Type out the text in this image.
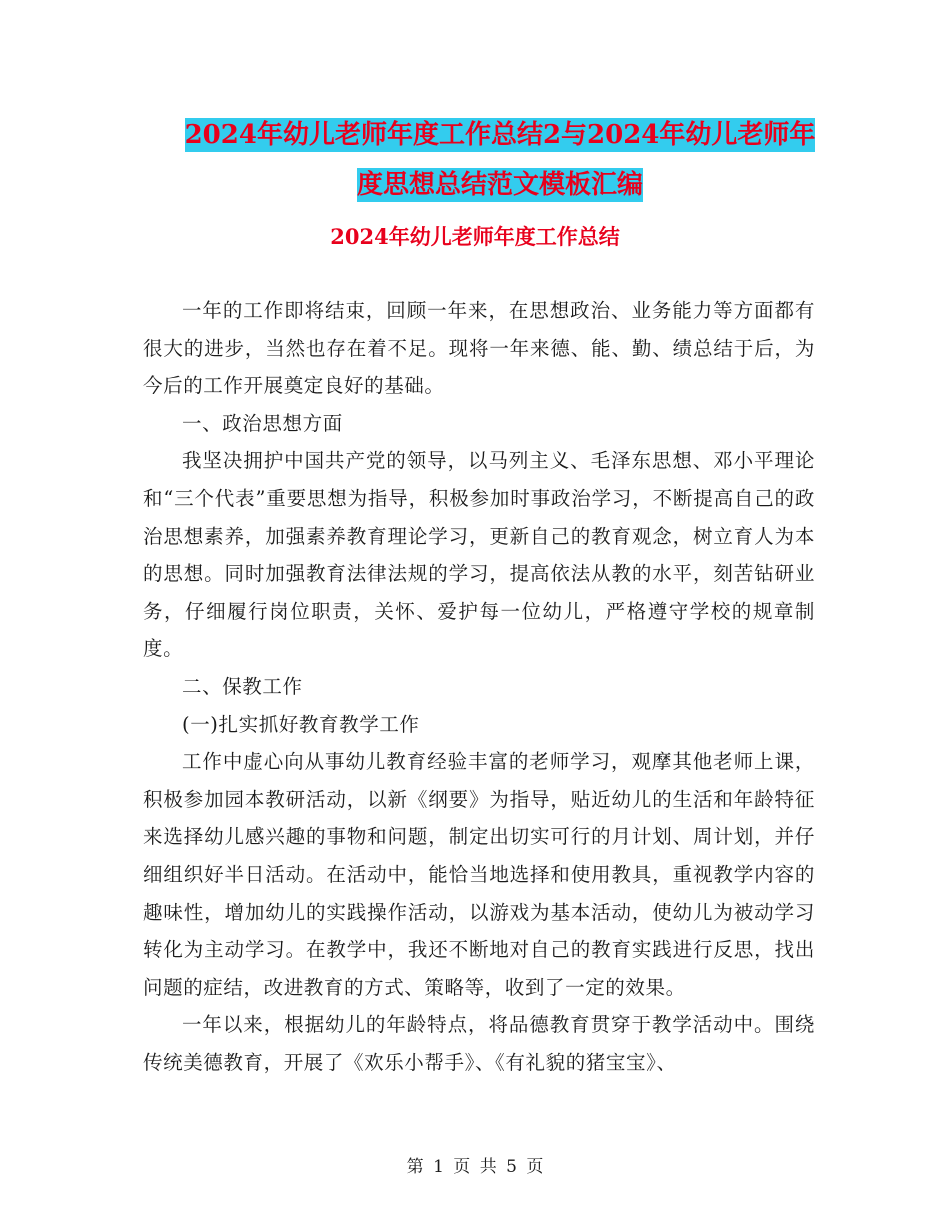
2024年幼儿老师年度工作总结2与2024年幼儿老师年
度思想总结范文模板汇编
2024年幼儿老师年度工作总结

一年的工作即将结束，回顾一年来，在思想政治、业务能力等方面都有很大的进步，当然也存在着不足。现将一年来德、能、勤、绩总结于后，为今后的工作开展奠定良好的基础。

一、政治思想方面

我坚决拥护中国共产党的领导，以马列主义、毛泽东思想、邓小平理论和“三个代表”重要思想为指导，积极参加时事政治学习，不断提高自己的政治思想素养，加强素养教育理论学习，更新自己的教育观念，树立育人为本的思想。同时加强教育法律法规的学习，提高依法从教的水平，刻苦钻研业务，仔细履行岗位职责，关怀、爱护每一位幼儿，严格遵守学校的规章制度。

二、保教工作

(一)扎实抓好教育教学工作

工作中虚心向从事幼儿教育经验丰富的老师学习，观摩其他老师上课，积极参加园本教研活动，以新《纲要》为指导，贴近幼儿的生活和年龄特征来选择幼儿感兴趣的事物和问题，制定出切实可行的月计划、周计划，并仔细组织好半日活动。在活动中，能恰当地选择和使用教具，重视教学内容的趣味性，增加幼儿的实践操作活动，以游戏为基本活动，使幼儿为被动学习转化为主动学习。在教学中，我还不断地对自己的教育实践进行反思，找出问题的症结，改进教育的方式、策略等，收到了一定的效果。

一年以来，根据幼儿的年龄特点，将品德教育贯穿于教学活动中。围绕传统美德教育，开展了《欢乐小帮手》、《有礼貌的猪宝宝》、

第 1 页 共 5 页
